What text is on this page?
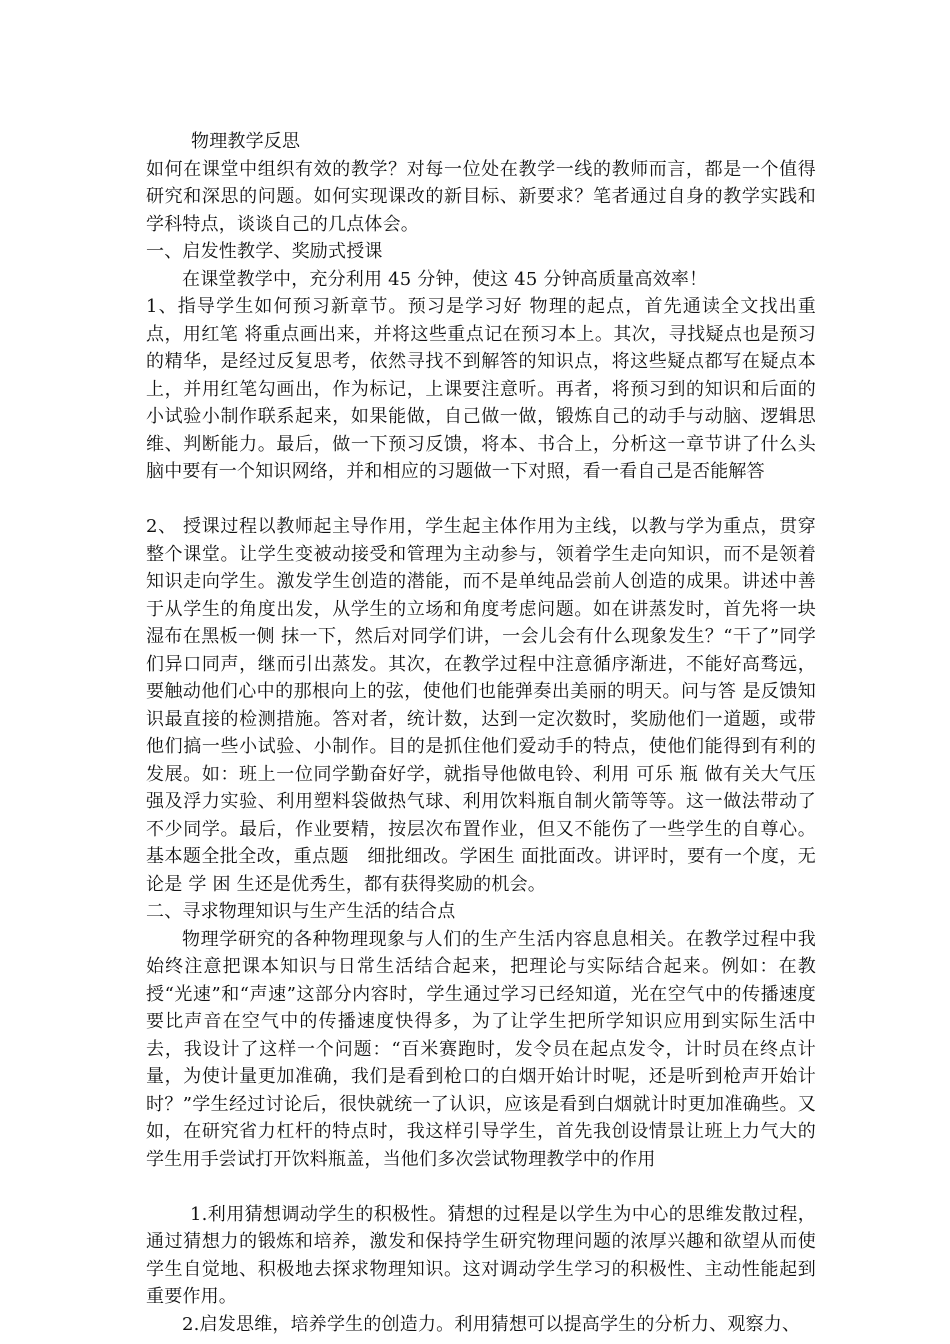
物理教学反思

如何在课堂中组织有效的教学？对每一位处在教学一线的教师而言，都是一个值得研究和深思的问题。如何实现课改的新目标、新要求？笔者通过自身的教学实践和学科特点，谈谈自己的几点体会。

一、启发性教学、奖励式授课

在课堂教学中，充分利用 45 分钟，使这 45 分钟高质量高效率！

1、指导学生如何预习新章节。预习是学习好 物理的起点，首先通读全文找出重点，用红笔 将重点画出来，并将这些重点记在预习本上。其次，寻找疑点也是预习的精华，是经过反复思考，依然寻找不到解答的知识点，将这些疑点都写在疑点本上，并用红笔勾画出，作为标记，上课要注意听。再者，将预习到的知识和后面的小试验小制作联系起来，如果能做，自己做一做，锻炼自己的动手与动脑、逻辑思维、判断能力。最后，做一下预习反馈，将本、书合上，分析这一章节讲了什么头脑中要有一个知识网络，并和相应的习题做一下对照，看一看自己是否能解答

2、 授课过程以教师起主导作用，学生起主体作用为主线，以教与学为重点，贯穿整个课堂。让学生变被动接受和管理为主动参与，领着学生走向知识，而不是领着知识走向学生。激发学生创造的潜能，而不是单纯品尝前人创造的成果。讲述中善于从学生的角度出发，从学生的立场和角度考虑问题。如在讲蒸发时，首先将一块湿布在黑板一侧 抹一下，然后对同学们讲，一会儿会有什么现象发生？“干了”同学们异口同声，继而引出蒸发。其次，在教学过程中注意循序渐进，不能好高骛远，要触动他们心中的那根向上的弦，使他们也能弹奏出美丽的明天。问与答 是反馈知识最直接的检测措施。答对者，统计数，达到一定次数时，奖励他们一道题，或带他们搞一些小试验、小制作。目的是抓住他们爱动手的特点，使他们能得到有利的发展。如：班上一位同学勤奋好学，就指导他做电铃、利用 可乐 瓶 做有关大气压强及浮力实验、利用塑料袋做热气球、利用饮料瓶自制火箭等等。这一做法带动了不少同学。最后，作业要精，按层次布置作业，但又不能伤了一些学生的自尊心。基本题全批全改，重点题　细批细改。学困生 面批面改。讲评时，要有一个度，无论是 学 困 生还是优秀生，都有获得奖励的机会。

二、寻求物理知识与生产生活的结合点

物理学研究的各种物理现象与人们的生产生活内容息息相关。在教学过程中我始终注意把课本知识与日常生活结合起来，把理论与实际结合起来。例如：在教授“光速”和“声速”这部分内容时，学生通过学习已经知道，光在空气中的传播速度要比声音在空气中的传播速度快得多，为了让学生把所学知识应用到实际生活中去，我设计了这样一个问题：“百米赛跑时，发令员在起点发令，计时员在终点计量，为使计量更加准确，我们是看到枪口的白烟开始计时呢，还是听到枪声开始计时？”学生经过讨论后，很快就统一了认识，应该是看到白烟就计时更加准确些。又如，在研究省力杠杆的特点时，我这样引导学生，首先我创设情景让班上力气大的学生用手尝试打开饮料瓶盖，当他们多次尝试物理教学中的作用

1.利用猜想调动学生的积极性。猜想的过程是以学生为中心的思维发散过程，通过猜想力的锻炼和培养，激发和保持学生研究物理问题的浓厚兴趣和欲望从而使学生自觉地、积极地去探求物理知识。这对调动学生学习的积极性、主动性能起到重要作用。

2.启发思维，培养学生的创造力。利用猜想可以提高学生的分析力、观察力、
